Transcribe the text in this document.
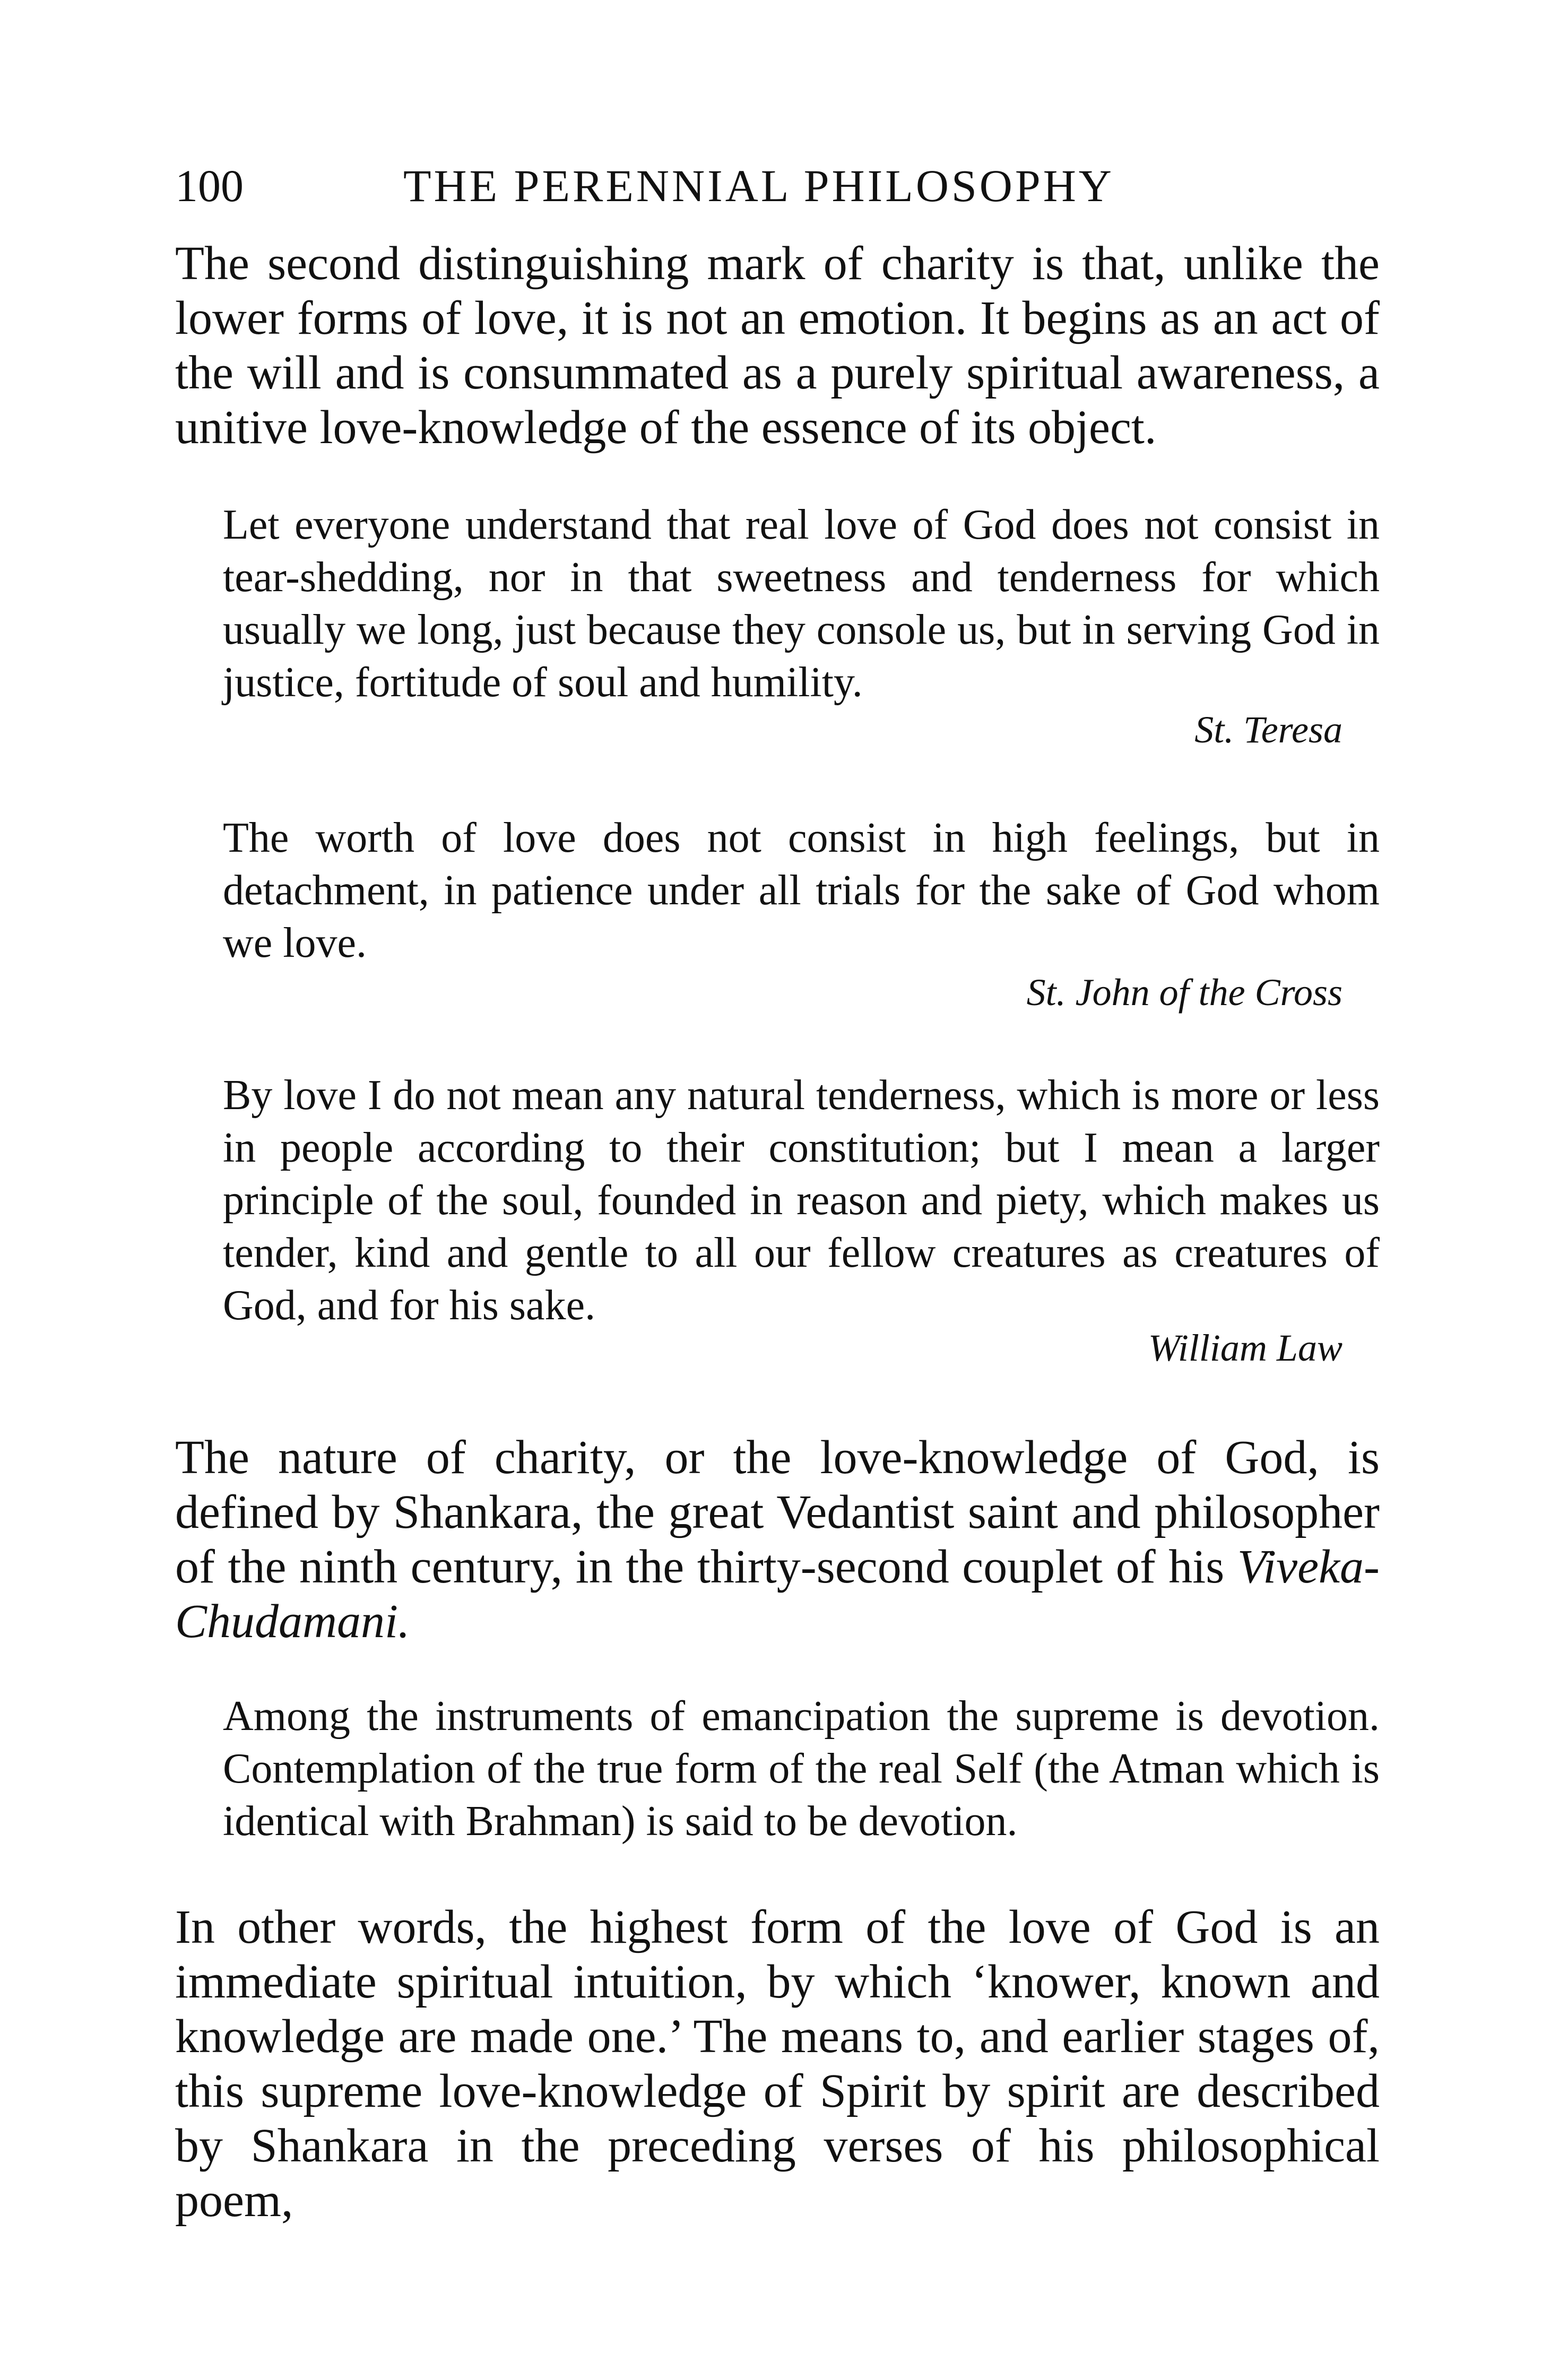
100	THE PERENNIAL PHILOSOPHY

The second distinguishing mark of charity is that, unlike the lower forms of love, it is not an emotion. It begins as an act of the will and is consummated as a purely spiritual awareness, a unitive love-knowledge of the essence of its object.

Let everyone understand that real love of God does not consist in tear-shedding, nor in that sweetness and tenderness for which usually we long, just because they console us, but in serving God in justice, fortitude of soul and humility.

St. Teresa

The worth of love does not consist in high feelings, but in detachment, in patience under all trials for the sake of God whom we love.

St. John of the Cross

By love I do not mean any natural tenderness, which is more or less in people according to their constitution; but I mean a larger principle of the soul, founded in reason and piety, which makes us tender, kind and gentle to all our fellow creatures as creatures of God, and for his sake.

William Law

The nature of charity, or the love-knowledge of God, is defined by Shankara, the great Vedantist saint and philosopher of the ninth century, in the thirty-second couplet of his Viveka-Chudamani.

Among the instruments of emancipation the supreme is devotion. Contemplation of the true form of the real Self (the Atman which is identical with Brahman) is said to be devotion.

In other words, the highest form of the love of God is an immediate spiritual intuition, by which ‘knower, known and knowledge are made one.’ The means to, and earlier stages of, this supreme love-knowledge of Spirit by spirit are described by Shankara in the preceding verses of his philosophical poem,
